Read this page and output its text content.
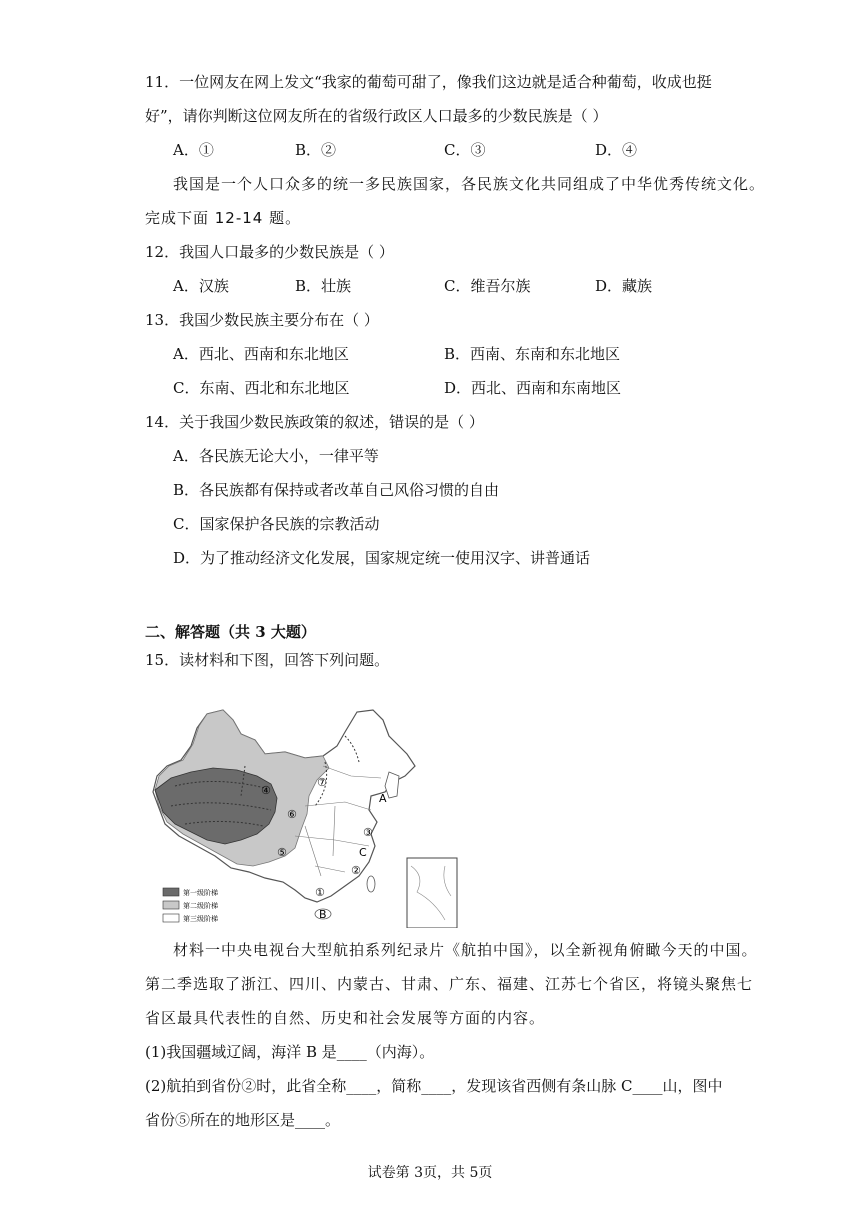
11．一位网友在网上发文“我家的葡萄可甜了，像我们这边就是适合种葡萄，收成也挺
好”，请你判断这位网友所在的省级行政区人口最多的少数民族是（ ）
A．①	B．②	C．③	D．④
我国是一个人口众多的统一多民族国家，各民族文化共同组成了中华优秀传统文化。
完成下面 12-14 题。
12．我国人口最多的少数民族是（ ）
A．汉族	B．壮族	C．维吾尔族	D．藏族
13．我国少数民族主要分布在（ ）
A．西北、西南和东北地区	B．西南、东南和东北地区
C．东南、西北和东北地区	D．西北、西南和东南地区
14．关于我国少数民族政策的叙述，错误的是（ ）
A．各民族无论大小，一律平等
B．各民族都有保持或者改革自己风俗习惯的自由
C．国家保护各民族的宗教活动
D．为了推动经济文化发展，国家规定统一使用汉字、讲普通话
二、解答题（共 3 大题）
15．读材料和下图，回答下列问题。
A
B
C
①
②
③
④
⑤
⑥
⑦
第一级阶梯
第二级阶梯
第三级阶梯
材料一中央电视台大型航拍系列纪录片《航拍中国》，以全新视角俯瞰今天的中国。
第二季选取了浙江、四川、内蒙古、甘肃、广东、福建、江苏七个省区，将镜头聚焦七
省区最具代表性的自然、历史和社会发展等方面的内容。
(1)我国疆域辽阔，海洋 B 是____（内海）。
(2)航拍到省份②时，此省全称____，简称____，发现该省西侧有条山脉 C____山，图中
省份⑤所在的地形区是____。
试卷第 3页，共 5页
